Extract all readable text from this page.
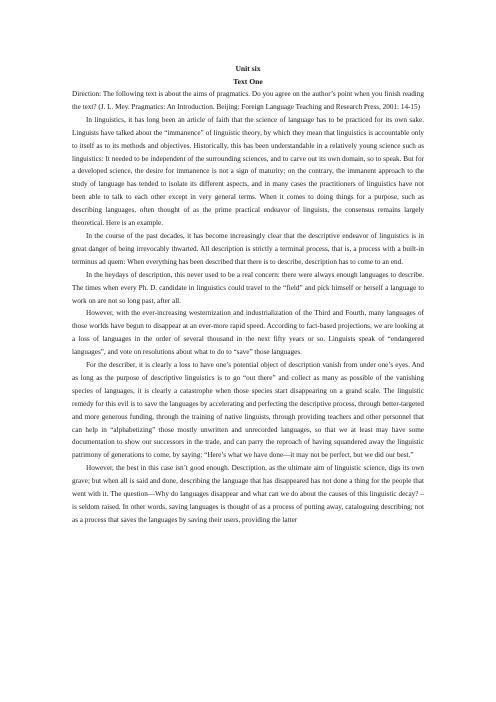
Unit six
Text One

Direction: The following text is about the aims of pragmatics. Do you agree on the author’s point when you finish reading the text? (J. L. Mey. Pragmatics: An Introduction. Beijing: Foreign Language Teaching and Research Press, 2001: 14-15)

In linguistics, it has long been an article of faith that the science of language has to be practiced for its own sake. Linguists have talked about the “immanence” of linguistic theory, by which they mean that linguistics is accountable only to itself as to its methods and objectives. Historically, this has been understandable in a relatively young science such as linguistics: It needed to be independent of the surrounding sciences, and to carve out its own domain, so to speak. But for a developed science, the desire for immanence is not a sign of maturity; on the contrary, the immanent approach to the study of language has tended to isolate its different aspects, and in many cases the practitioners of linguistics have not been able to talk to each other except in very general terms. When it comes to doing things for a purpose, such as describing languages, often thought of as the prime practical endeavor of linguists, the consensus remains largely theoretical. Here is an example.

In the course of the past decades, it has become increasingly clear that the descriptive endeavor of linguistics is in great danger of being irrevocably thwarted. All description is strictly a terminal process, that is, a process with a built-in terminus ad quem: When everything has been described that there is to describe, description has to come to an end.

In the heydays of description, this never used to be a real concern: there were always enough languages to describe. The times when every Ph. D. candidate in linguistics could travel to the “field” and pick himself or herself a language to work on are not so long past, after all.

However, with the ever-increasing westernization and industrialization of the Third and Fourth, many languages of those worlds have begun to disappear at an ever-more rapid speed. According to fact-based projections, we are looking at a loss of languages in the order of several thousand in the next fifty years or so. Linguists speak of “endangered languages”, and vote on resolutions about what to do to “save” those languages.

For the describer, it is clearly a loss to have one’s potential object of description vanish from under one’s eyes. And as long as the purpose of descriptive linguistics is to go “out there” and collect as many as possible of the vanishing species of languages, it is clearly a catastrophe when those species start disappearing on a grand scale. The linguistic remedy for this evil is to save the languages by accelerating and perfecting the descriptive process, through better-targeted and more generous funding, through the training of native linguists, through providing teachers and other personnel that can help in “alphabetizing” those mostly unwritten and unrecorded languages, so that we at least may have some documentation to show our successors in the trade, and can parry the reproach of having squandered away the linguistic patrimony of generations to come, by saying: “Here’s what we have done—it may not be perfect, but we did our best.”

However, the best in this case isn’t good enough. Description, as the ultimate aim of linguistic science, digs its own grave; but when all is said and done, describing the language that has disappeared has not done a thing for the people that went with it. The question—Why do languages disappear and what can we do about the causes of this linguistic decay? –is seldom raised. In other words, saving languages is thought of as a process of putting away, cataloguing describing; not as a process that saves the languages by saving their users, providing the latter
